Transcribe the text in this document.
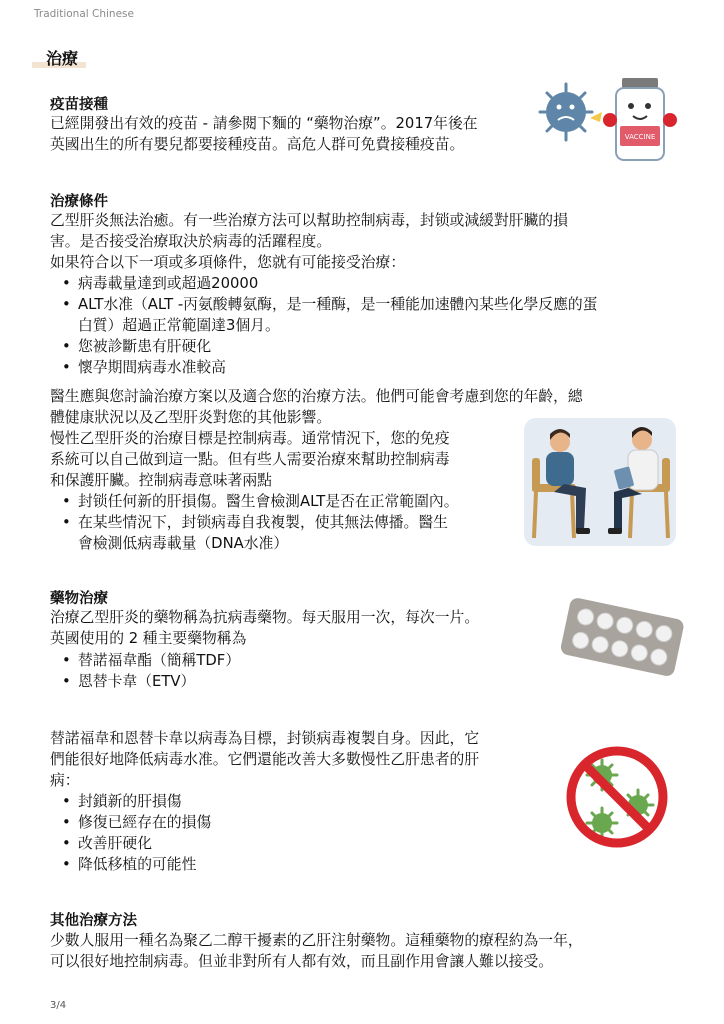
Traditional Chinese
治療
疫苗接種
已經開發出有效的疫苗 - 請參閱下麵的 “藥物治療”。2017年後在
英國出生的所有嬰兒都要接種疫苗。高危人群可免費接種疫苗。	VACCINE
治療條件
乙型肝炎無法治癒。有一些治療方法可以幫助控制病毒，封锁或減緩對肝臟的損
害。是否接受治療取決於病毒的活躍程度。
如果符合以下一項或多項條件，您就有可能接受治療：
• 病毒載量達到或超過20000
• ALT水准（ALT -丙氨酸轉氨酶，是一種酶，是一種能加速體內某些化學反應的蛋
白質）超過正常範圍達3個月。
• 您被診斷患有肝硬化
• 懷孕期間病毒水准較高
醫生應與您討論治療方案以及適合您的治療方法。他們可能會考慮到您的年齡，總
體健康狀況以及乙型肝炎對您的其他影響。
慢性乙型肝炎的治療目標是控制病毒。通常情況下，您的免疫
系統可以自己做到這一點。但有些人需要治療來幫助控制病毒
和保護肝臟。控制病毒意味著兩點
• 封锁任何新的肝損傷。醫生會檢測ALT是否在正常範圍內。
• 在某些情況下，封锁病毒自我複製，使其無法傳播。醫生
會檢測低病毒載量（DNA水准）
藥物治療
治療乙型肝炎的藥物稱為抗病毒藥物。每天服用一次，每次一片。
英國使用的 2 種主要藥物稱為
• 替諾福韋酯（簡稱TDF）
• 恩替卡韋（ETV）
替諾福韋和恩替卡韋以病毒為目標，封锁病毒複製自身。因此，它
們能很好地降低病毒水准。它們還能改善大多數慢性乙肝患者的肝
病：
• 封鎖新的肝損傷
• 修復已經存在的損傷
• 改善肝硬化
• 降低移植的可能性
其他治療方法
少數人服用一種名為聚乙二醇干擾素的乙肝注射藥物。這種藥物的療程約為一年，
可以很好地控制病毒。但並非對所有人都有效，而且副作用會讓人難以接受。
3/4
